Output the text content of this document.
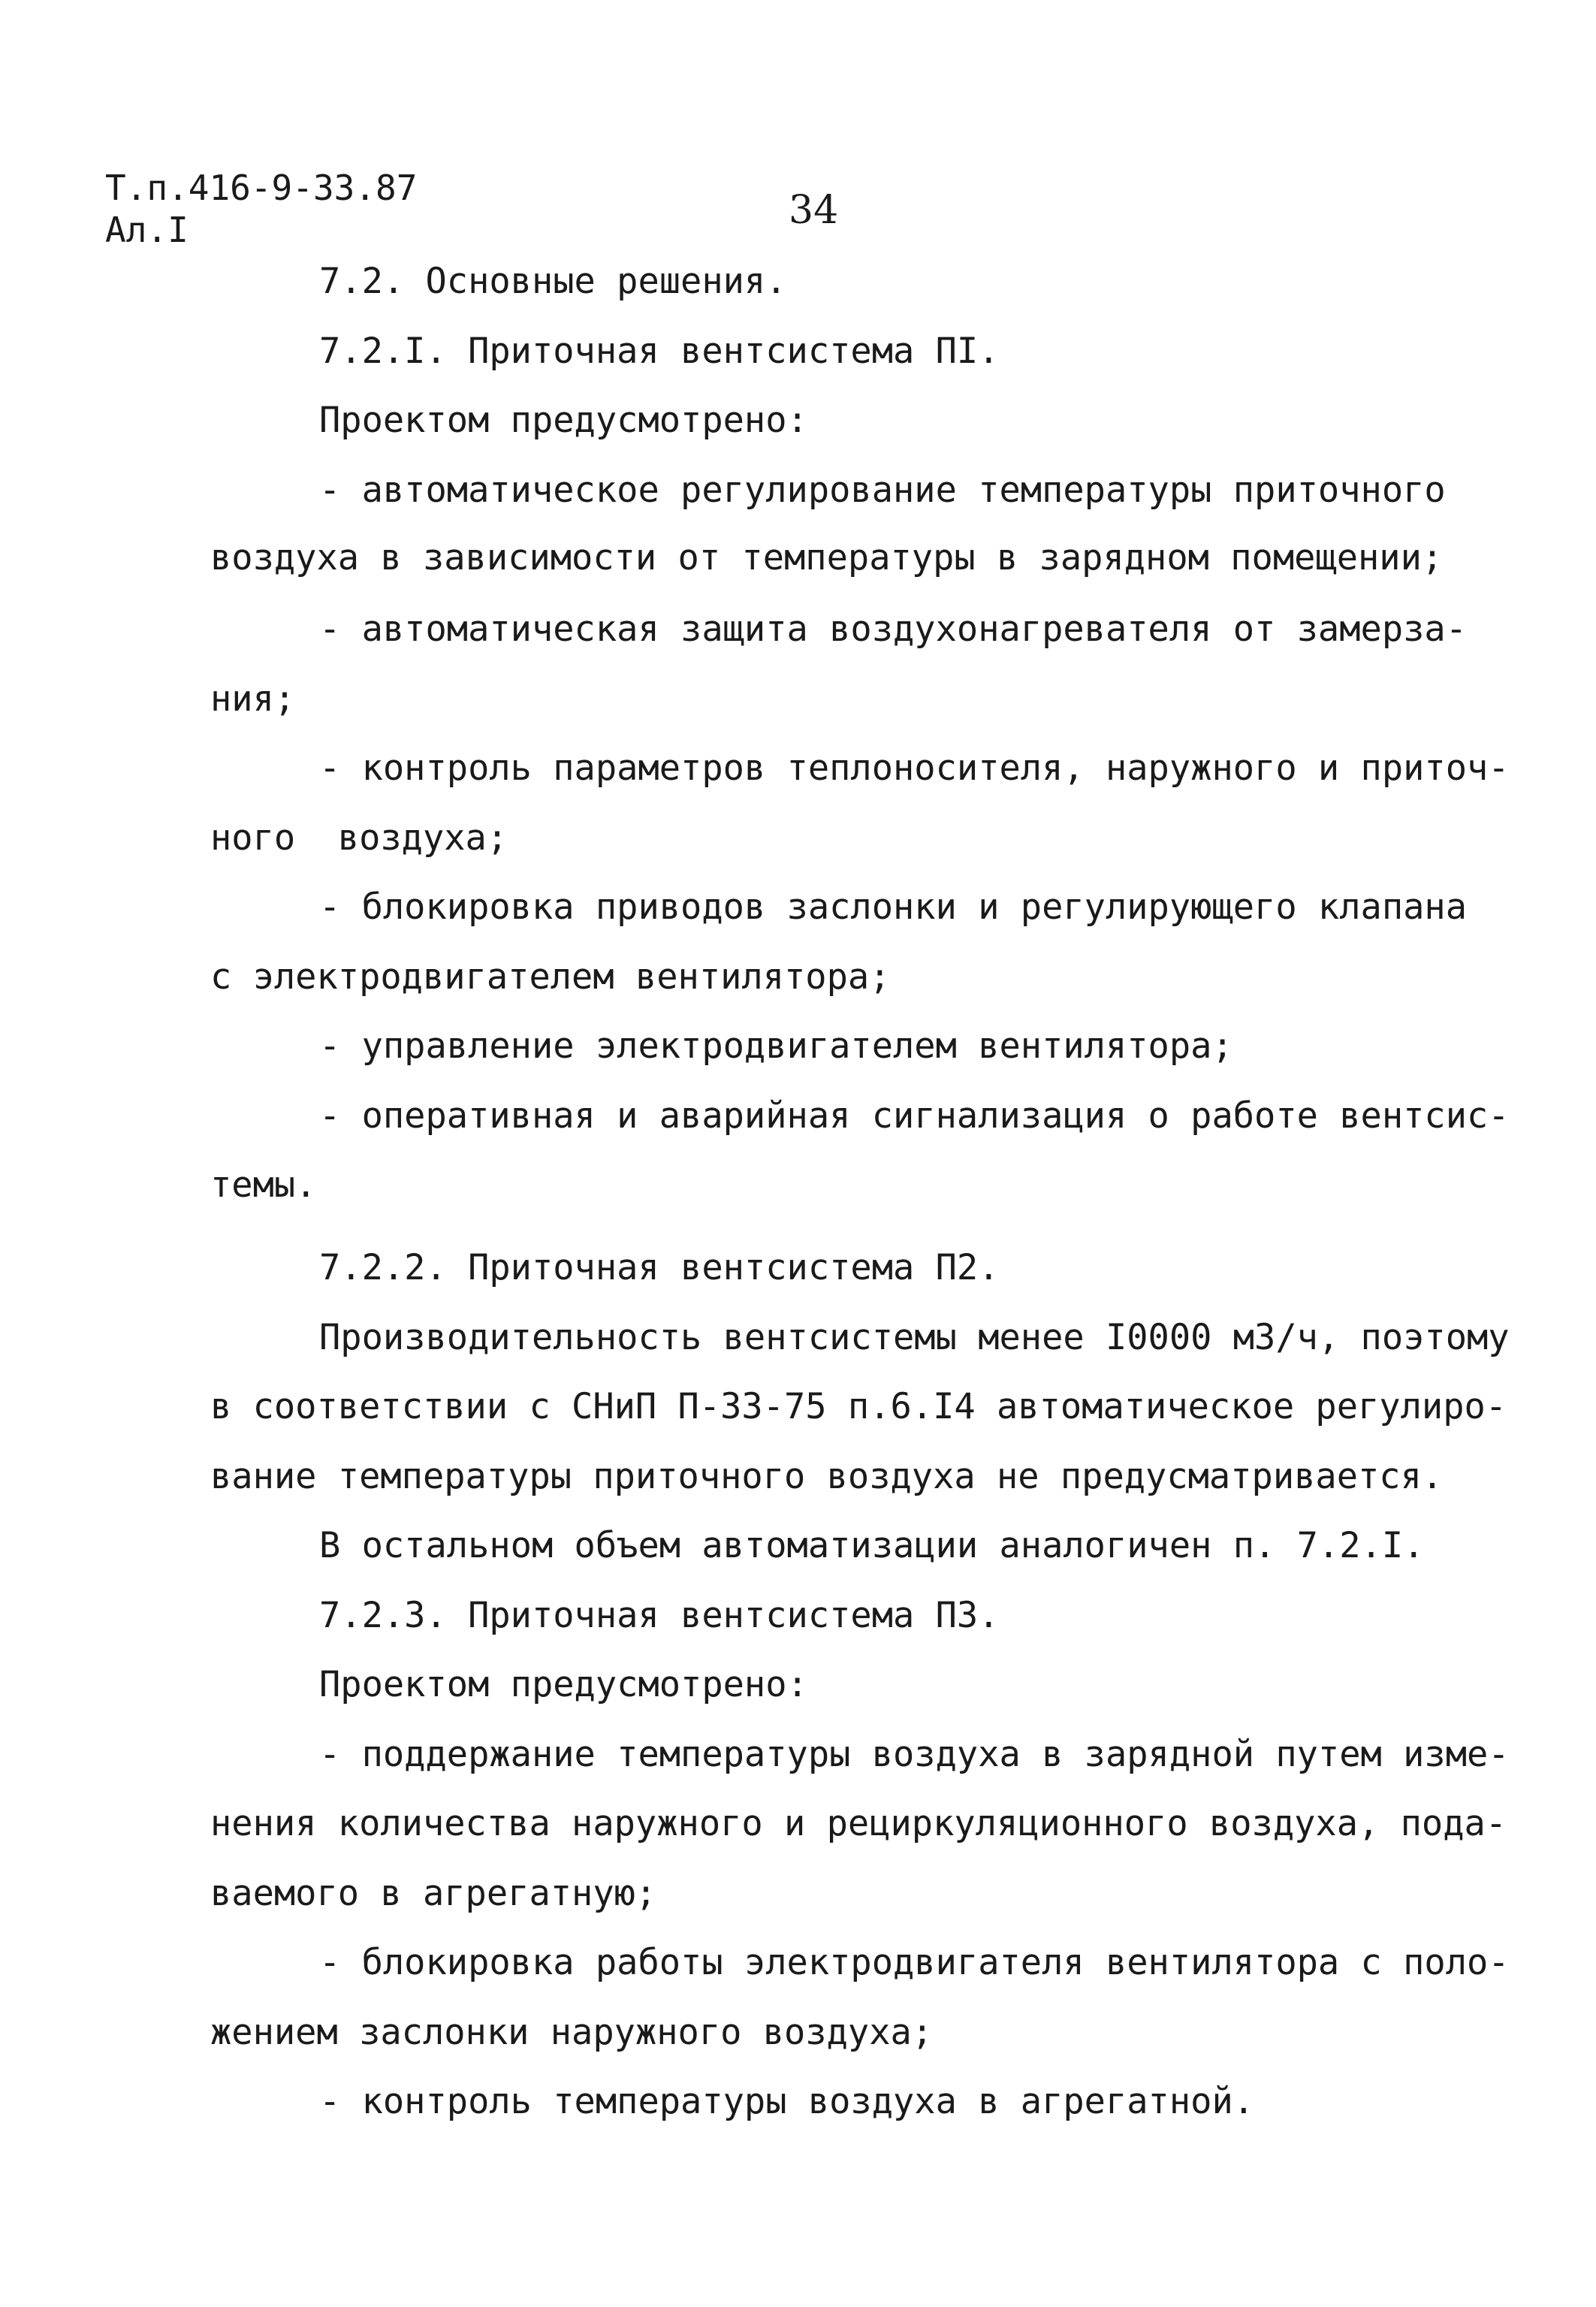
Т.п.416-9-33.87
Ал.I	34
7.2. Основные решения.
7.2.I. Приточная вентсистема ПI.
Проектом предусмотрено:
- автоматическое регулирование температуры приточного
воздуха в зависимости от температуры в зарядном помещении;
- автоматическая защита воздухонагревателя от замерза-
ния;
- контроль параметров теплоносителя, наружного и приточ-
ного  воздуха;
- блокировка приводов заслонки и регулирующего клапана
с электродвигателем вентилятора;
- управление электродвигателем вентилятора;
- оперативная и аварийная сигнализация о работе вентсис-
темы.
7.2.2. Приточная вентсистема П2.
Производительность вентсистемы менее I0000 м3/ч, поэтому
в соответствии с СНиП П-33-75 п.6.I4 автоматическое регулиро-
вание температуры приточного воздуха не предусматривается.
В остальном объем автоматизации аналогичен п. 7.2.I.
7.2.3. Приточная вентсистема П3.
Проектом предусмотрено:
- поддержание температуры воздуха в зарядной путем изме-
нения количества наружного и рециркуляционного воздуха, пода-
ваемого в агрегатную;
- блокировка работы электродвигателя вентилятора с поло-
жением заслонки наружного воздуха;
- контроль температуры воздуха в агрегатной.
